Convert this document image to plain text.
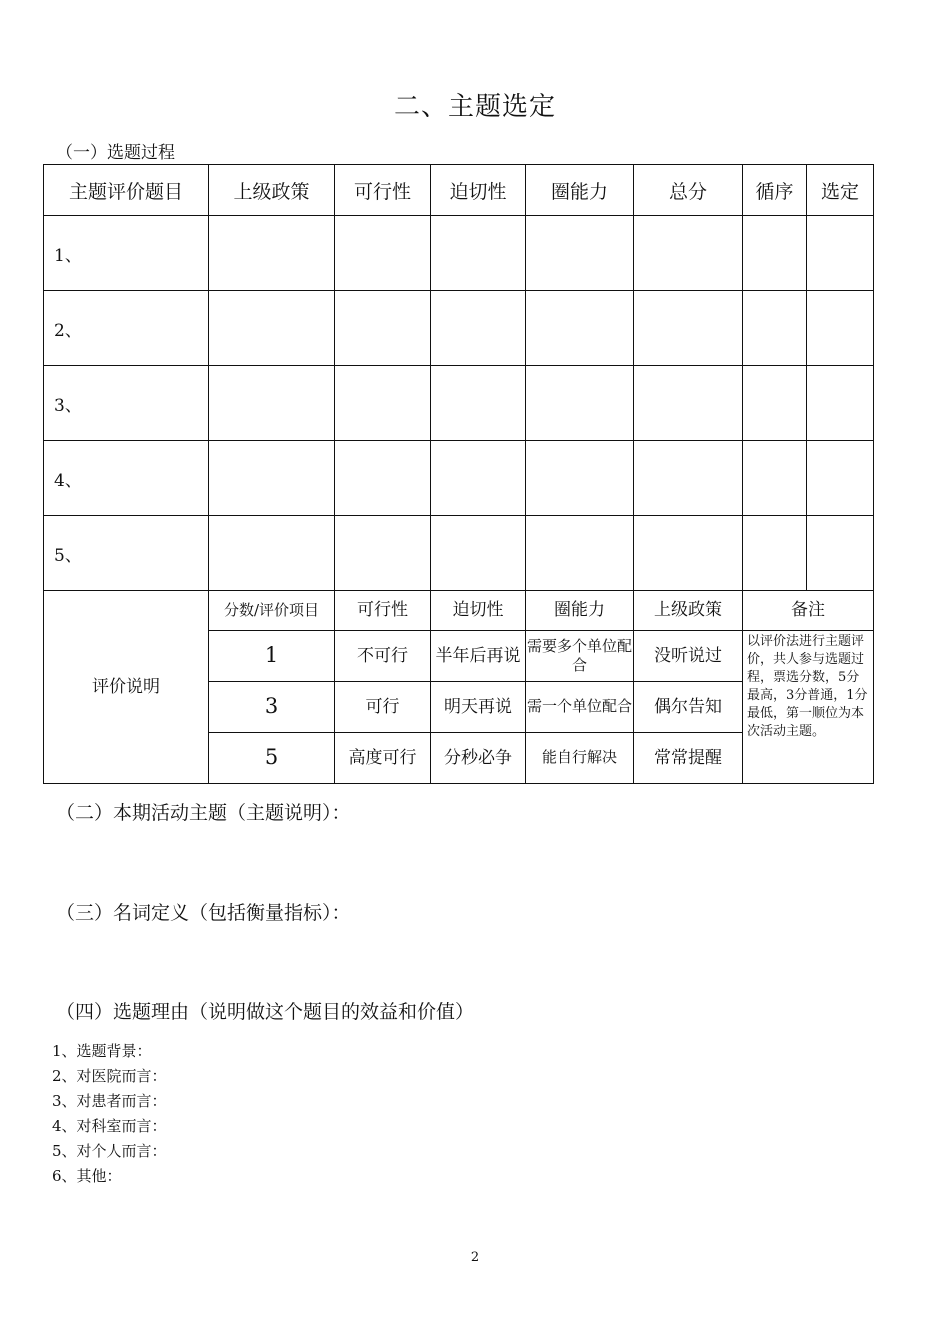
二、主题选定
（一）选题过程
主题评价题目	上级政策	可行性	迫切性	圈能力	总分	循序	选定
1、							
2、							
3、							
4、							
5、							
评价说明	分数/评价项目	可行性	迫切性	圈能力	上级政策	备注	
	1	不可行	半年后再说	需要多个单位配合	没听说过	以评价法进行主题评价，共人参与选题过程，票选分数，5分最高，3分普通，1分最低，第一顺位为本次活动主题。	
	3	可行	明天再说	需一个单位配合	偶尔告知		
	5	高度可行	分秒必争	能自行解决	常常提醒		
（二）本期活动主题（主题说明）：
（三）名词定义（包括衡量指标）：
（四）选题理由（说明做这个题目的效益和价值）
1、选题背景：
2、对医院而言：
3、对患者而言：
4、对科室而言：
5、对个人而言：
6、其他：
2
